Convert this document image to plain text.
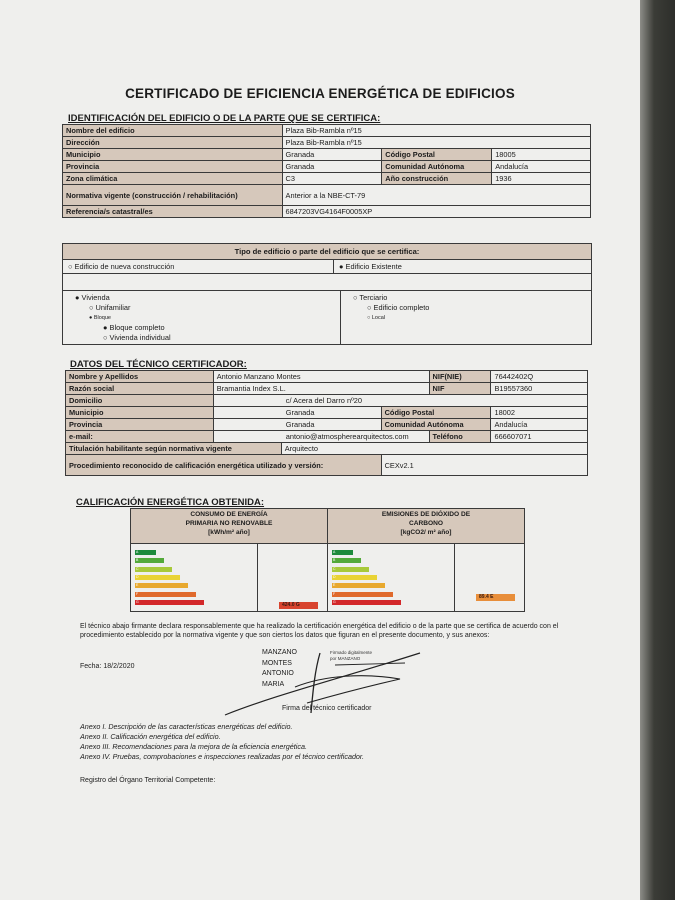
CERTIFICADO DE EFICIENCIA ENERGÉTICA DE EDIFICIOS
IDENTIFICACIÓN DEL EDIFICIO O DE LA PARTE QUE SE CERTIFICA:
Nombre del edificio	Plaza Bib-Rambla nº15		
Dirección	Plaza Bib-Rambla nº15		
Municipio	Granada	Código Postal	18005
Provincia	Granada	Comunidad Autónoma	Andalucía
Zona climática	C3	Año construcción	1936
Normativa vigente (construcción / rehabilitación)	Anterior a la NBE-CT-79		
Referencia/s catastral/es	6847203VG4164F0005XP		
Tipo de edificio o parte del edificio que se certifica:
○ Edificio de nueva construcción	● Edificio Existente
● Vivienda
○ Unifamiliar
● Bloque
● Bloque completo
○ Vivienda individual
○ Terciario
○ Edificio completo
○ Local
DATOS DEL TÉCNICO CERTIFICADOR:
Nombre y Apellidos	Antonio Manzano Montes			NIF(NIE)	76442402Q
Razón social	Bramantia Index S.L.			NIF	B19557360
Domicilio	c/ Acera del Darro nº20				
Municipio	Granada		Código Postal		18002
Provincia	Granada		Comunidad Autónoma		Andalucía
e-mail:	antonio@atmospherearquitectos.com			Teléfono	666607071
Titulación habilitante según normativa vigente		Arquitecto			
Procedimiento reconocido de calificación energética utilizado y versión:			CEXv2.1		
CALIFICACIÓN ENERGÉTICA OBTENIDA:
CONSUMO DE ENERGÍA
PRIMARIA NO RENOVABLE
[kWh/m² año]
A
B
C
D
E
F
G
424.0 G
EMISIONES DE DIÓXIDO DE
CARBONO
[kgCO2/ m² año]
A
B
C
D
E
F
G
89.4 E
El técnico abajo firmante declara responsablemente que ha realizado la certificación energética del edificio o de la parte que se certifica de acuerdo con el procedimiento establecido por la normativa vigente y que son ciertos los datos que figuran en el presente documento, y sus anexos:
Fecha: 18/2/2020
MANZANO
MONTES
ANTONIO
MARIA
Firmado digitalmente
por MANZANO
Firma del técnico certificador
Anexo I. Descripción de las características energéticas del edificio.
Anexo II. Calificación energética del edificio.
Anexo III. Recomendaciones para la mejora de la eficiencia energética.
Anexo IV. Pruebas, comprobaciones e inspecciones realizadas por el técnico certificador.
Registro del Órgano Territorial Competente:
